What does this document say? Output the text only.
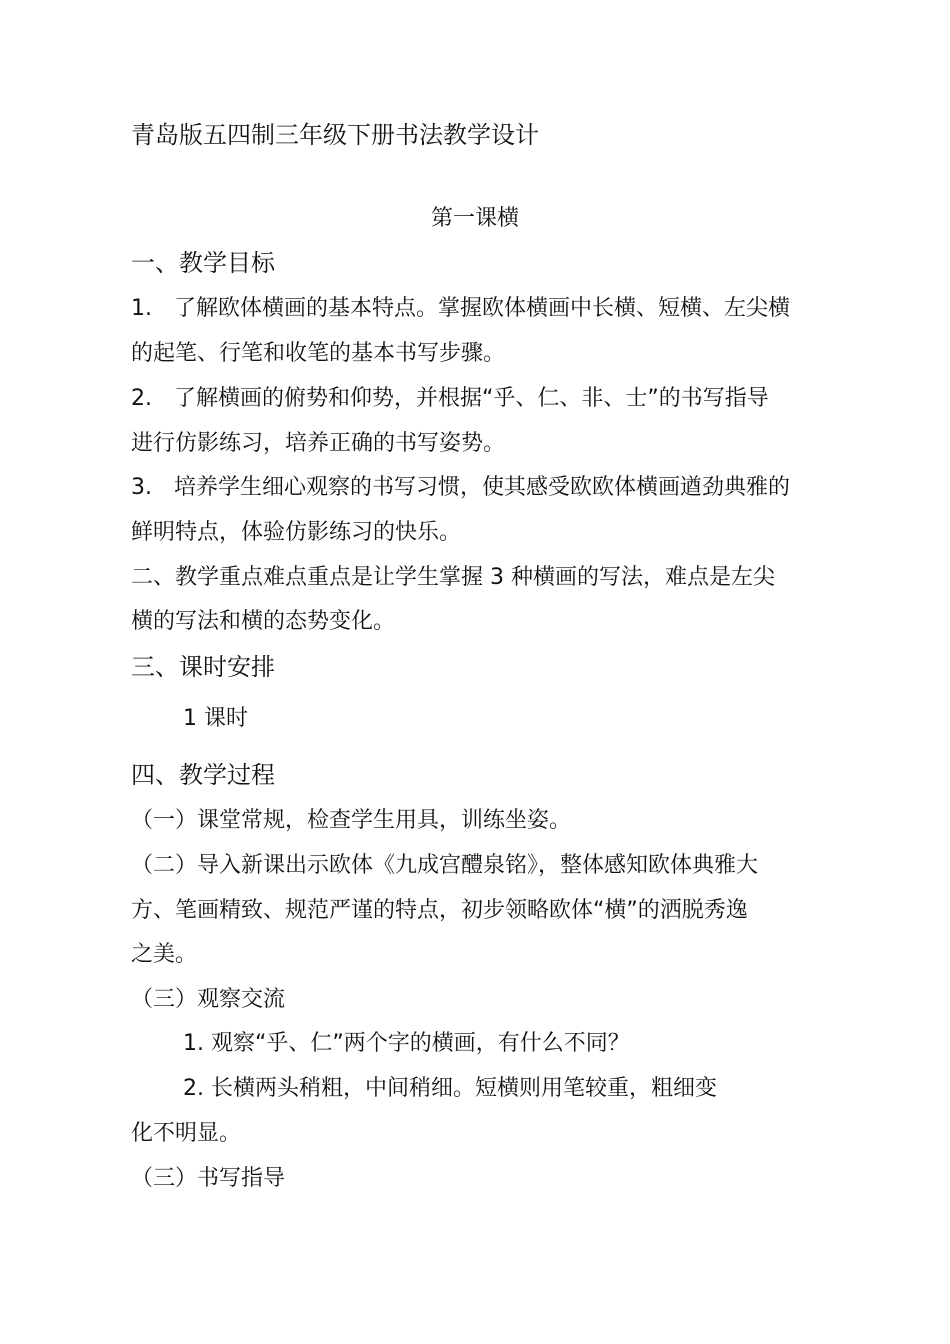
青岛版五四制三年级下册书法教学设计
第一课横
一、教学目标
1.　了解欧体横画的基本特点。掌握欧体横画中长横、短横、左尖横
的起笔、行笔和收笔的基本书写步骤。
2.　了解横画的俯势和仰势，并根据“乎、仁、非、士”的书写指导
进行仿影练习，培养正确的书写姿势。
3.　培养学生细心观察的书写习惯，使其感受欧欧体横画遒劲典雅的
鲜明特点，体验仿影练习的快乐。
二、教学重点难点重点是让学生掌握 3 种横画的写法，难点是左尖
横的写法和横的态势变化。
三、课时安排
1 课时
四、教学过程
（一）课堂常规，检查学生用具，训练坐姿。
（二）导入新课出示欧体《九成宫醴泉铭》，整体感知欧体典雅大
方、笔画精致、规范严谨的特点，初步领略欧体“横”的洒脱秀逸
之美。
（三）观察交流
1. 观察“乎、仁”两个字的横画，有什么不同？
2. 长横两头稍粗，中间稍细。短横则用笔较重，粗细变
化不明显。
（三）书写指导
